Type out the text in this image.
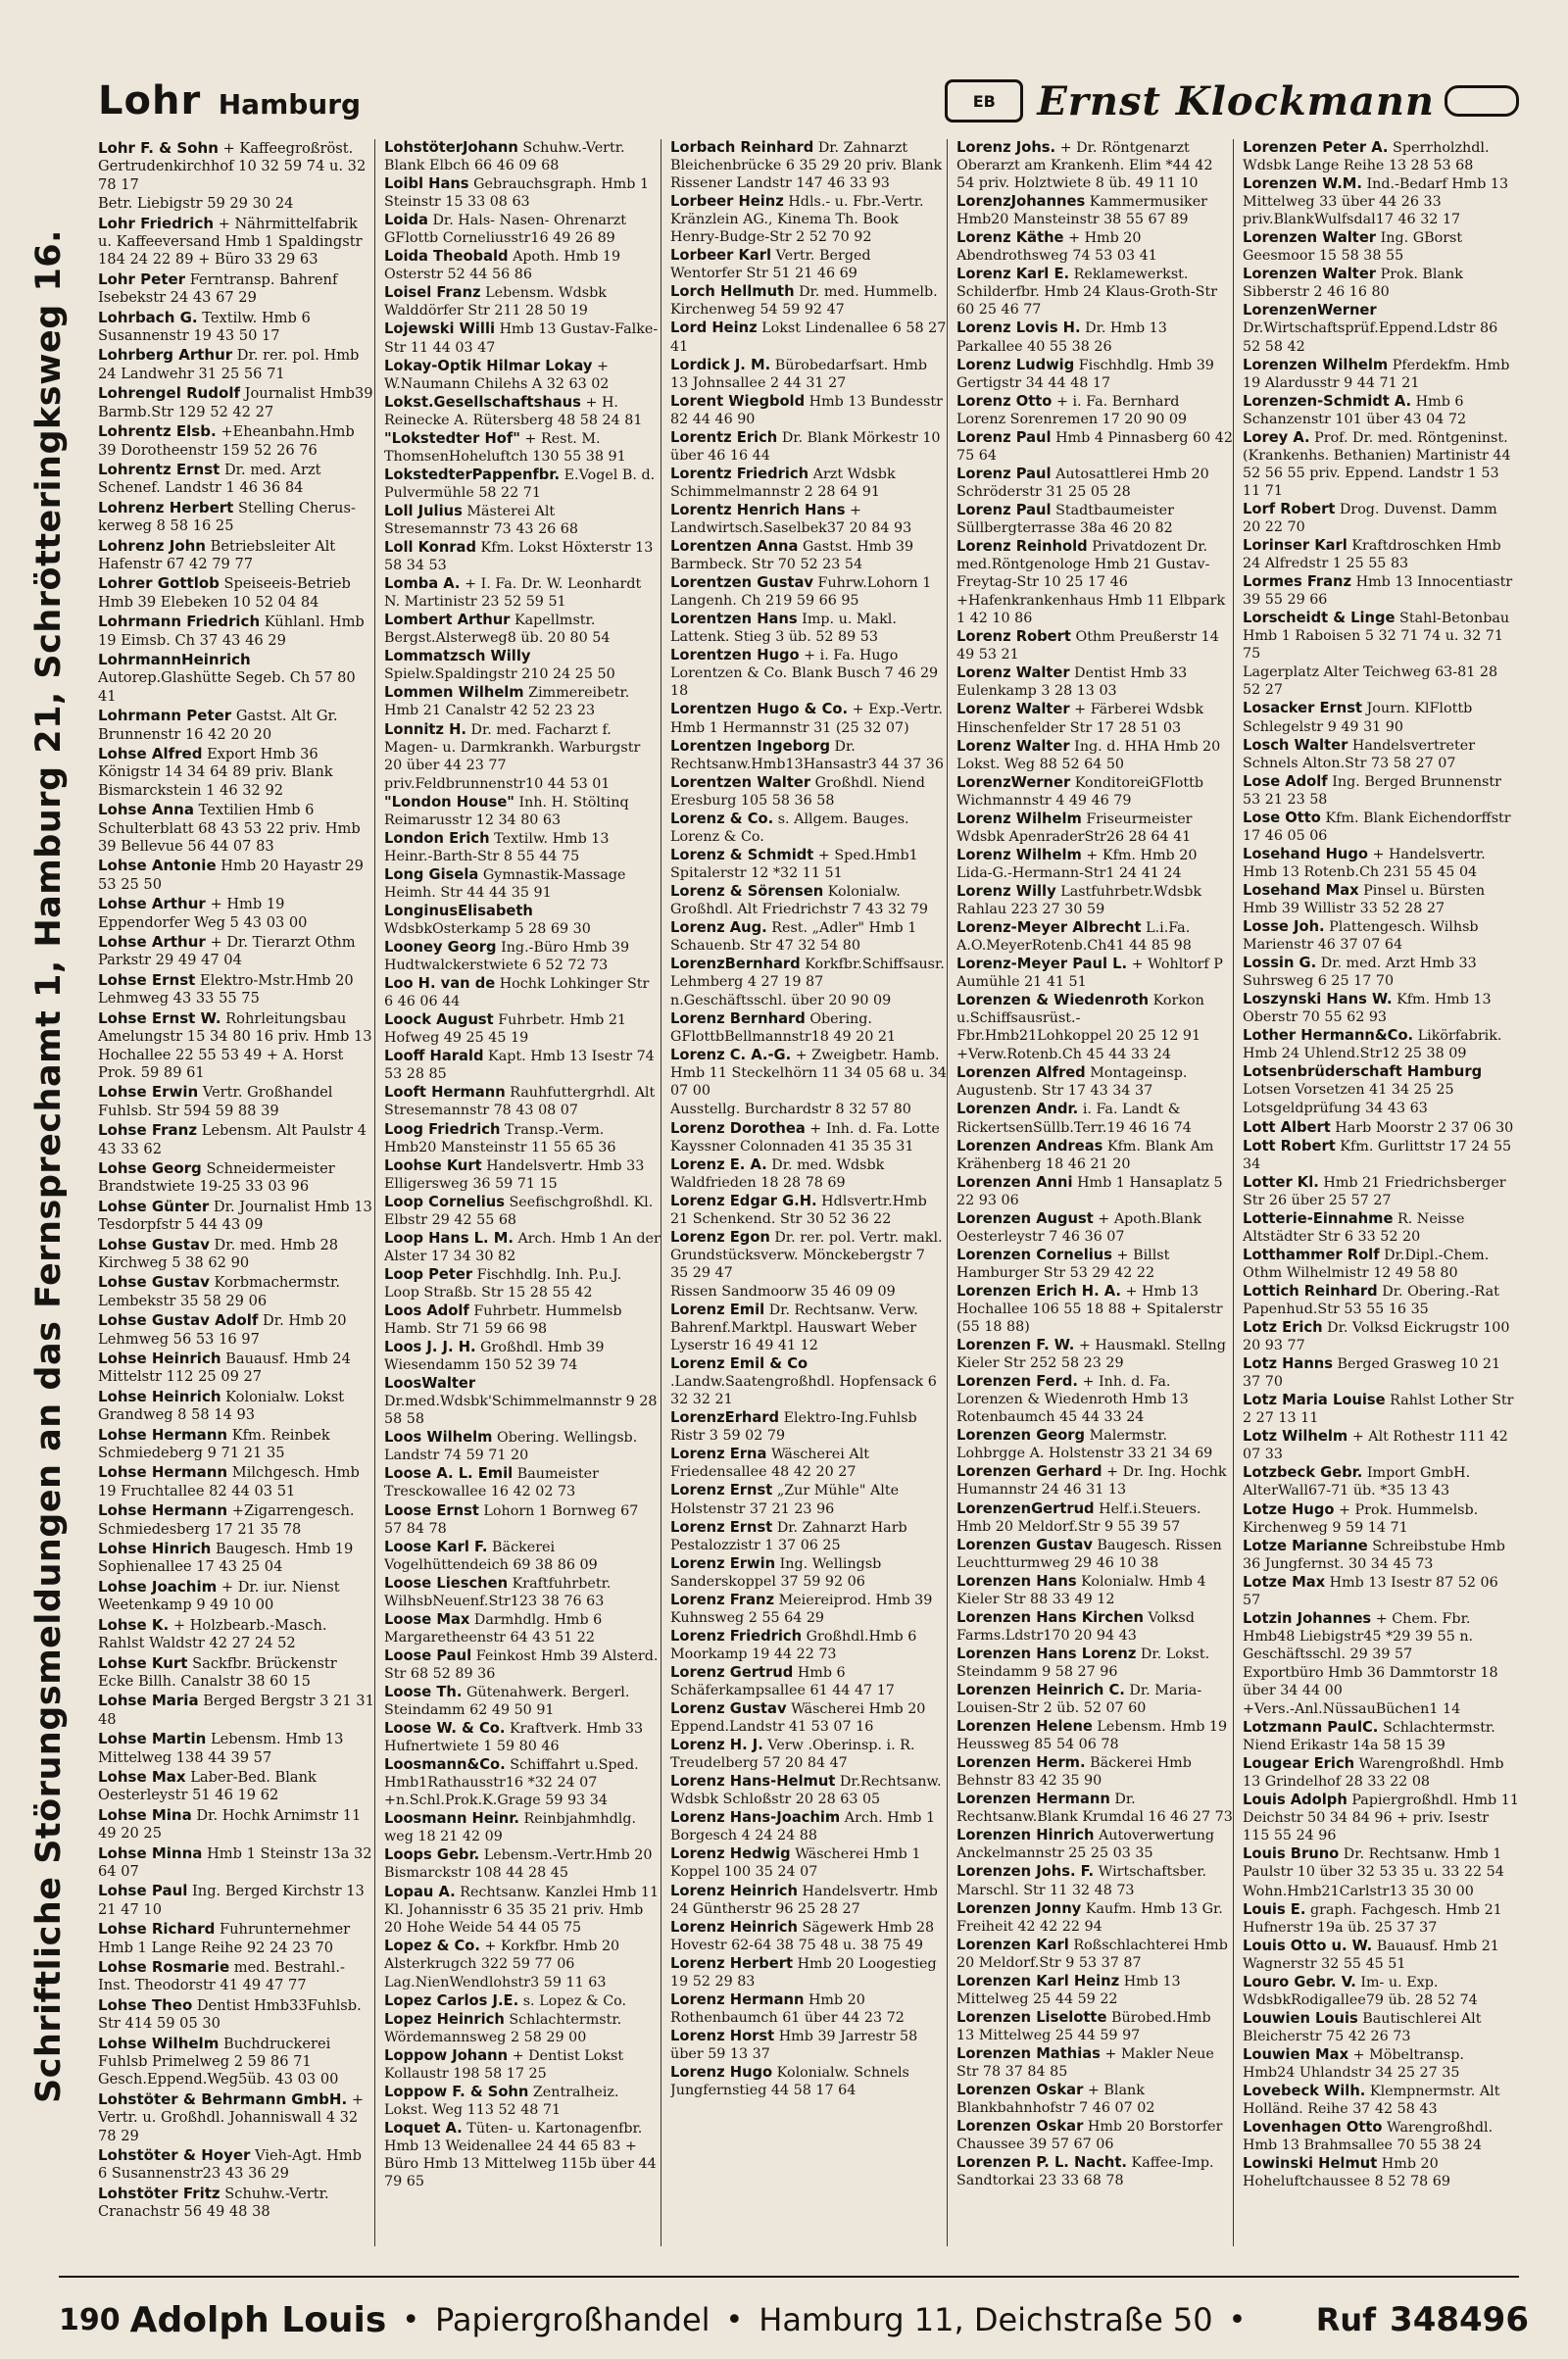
Lohr Hamburg	EB	Ernst Klockmann
Schriftliche Störungsmeldungen an das Fernsprechamt 1, Hamburg 21, Schrötteringksweg 16.
Lohr F. & Sohn + Kaffeegroßröst. Gertrudenkirchhof 10 32 59 74 u. 32 78 17
Betr. Liebigstr 59 29 30 24
Lohr Friedrich + Nährmittelfabrik u. Kaffeeversand Hmb 1 Spaldingstr 184 24 22 89 + Büro 33 29 63
Lohr Peter Ferntransp. Bahrenf Isebekstr 24 43 67 29
Lohrbach G. Textilw. Hmb 6 Susannenstr 19 43 50 17
Lohrberg Arthur Dr. rer. pol. Hmb 24 Landwehr 31 25 56 71
Lohrengel Rudolf Journalist Hmb39 Barmb.Str 129 52 42 27
Lohrentz Elsb. +Eheanbahn.Hmb 39 Dorotheenstr 159 52 26 76
Lohrentz Ernst Dr. med. Arzt Schenef. Landstr 1 46 36 84
Lohrenz Herbert Stelling Cherus-kerweg 8 58 16 25
Lohrenz John Betriebsleiter Alt Hafenstr 67 42 79 77
Lohrer Gottlob Speiseeis-Betrieb Hmb 39 Elebeken 10 52 04 84
Lohrmann Friedrich Kühlanl. Hmb 19 Eimsb. Ch 37 43 46 29
LohrmannHeinrich Autorep.Glashütte Segeb. Ch 57 80 41
Lohrmann Peter Gastst. Alt Gr. Brunnenstr 16 42 20 20
Lohse Alfred Export Hmb 36 Königstr 14 34 64 89 priv. Blank Bismarckstein 1 46 32 92
Lohse Anna Textilien Hmb 6 Schulterblatt 68 43 53 22 priv. Hmb 39 Bellevue 56 44 07 83
Lohse Antonie Hmb 20 Hayastr 29 53 25 50
Lohse Arthur + Hmb 19 Eppendorfer Weg 5 43 03 00
Lohse Arthur + Dr. Tierarzt Othm Parkstr 29 49 47 04
Lohse Ernst Elektro-Mstr.Hmb 20 Lehmweg 43 33 55 75
Lohse Ernst W. Rohrleitungsbau Amelungstr 15 34 80 16 priv. Hmb 13 Hochallee 22 55 53 49 + A. Horst Prok. 59 89 61
Lohse Erwin Vertr. Großhandel Fuhlsb. Str 594 59 88 39
Lohse Franz Lebensm. Alt Paulstr 4 43 33 62
Lohse Georg Schneidermeister Brandstwiete 19-25 33 03 96
Lohse Günter Dr. Journalist Hmb 13 Tesdorpfstr 5 44 43 09
Lohse Gustav Dr. med. Hmb 28 Kirchweg 5 38 62 90
Lohse Gustav Korbmachermstr. Lembekstr 35 58 29 06
Lohse Gustav Adolf Dr. Hmb 20 Lehmweg 56 53 16 97
Lohse Heinrich Bauausf. Hmb 24 Mittelstr 112 25 09 27
Lohse Heinrich Kolonialw. Lokst Grandweg 8 58 14 93
Lohse Hermann Kfm. Reinbek Schmiedeberg 9 71 21 35
Lohse Hermann Milchgesch. Hmb 19 Fruchtallee 82 44 03 51
Lohse Hermann +Zigarrengesch. Schmiedesberg 17 21 35 78
Lohse Hinrich Baugesch. Hmb 19 Sophienallee 17 43 25 04
Lohse Joachim + Dr. iur. Nienst Weetenkamp 9 49 10 00
Lohse K. + Holzbearb.-Masch. Rahlst Waldstr 42 27 24 52
Lohse Kurt Sackfbr. Brückenstr Ecke Billh. Canalstr 38 60 15
Lohse Maria Berged Bergstr 3 21 31 48
Lohse Martin Lebensm. Hmb 13 Mittelweg 138 44 39 57
Lohse Max Laber-Bed. Blank Oesterleystr 51 46 19 62
Lohse Mina Dr. Hochk Arnimstr 11 49 20 25
Lohse Minna Hmb 1 Steinstr 13a 32 64 07
Lohse Paul Ing. Berged Kirchstr 13 21 47 10
Lohse Richard Fuhrunternehmer Hmb 1 Lange Reihe 92 24 23 70
Lohse Rosmarie med. Bestrahl.-Inst. Theodorstr 41 49 47 77
Lohse Theo Dentist Hmb33Fuhlsb. Str 414 59 05 30
Lohse Wilhelm Buchdruckerei Fuhlsb Primelweg 2 59 86 71 Gesch.Eppend.Weg5üb. 43 03 00
Lohstöter & Behrmann GmbH. + Vertr. u. Großhdl. Johanniswall 4 32 78 29
Lohstöter & Hoyer Vieh-Agt. Hmb 6 Susannenstr23 43 36 29
Lohstöter Fritz Schuhw.-Vertr. Cranachstr 56 49 48 38
LohstöterJohann Schuhw.-Vertr. Blank Elbch 66 46 09 68
Loibl Hans Gebrauchsgraph. Hmb 1 Steinstr 15 33 08 63
Loida Dr. Hals- Nasen- Ohrenarzt GFlottb Corneliusstr16 49 26 89
Loida Theobald Apoth. Hmb 19 Osterstr 52 44 56 86
Loisel Franz Lebensm. Wdsbk Walddörfer Str 211 28 50 19
Lojewski Willi Hmb 13 Gustav-Falke-Str 11 44 03 47
Lokay-Optik Hilmar Lokay + W.Naumann Chilehs A 32 63 02
Lokst.Gesellschaftshaus + H. Reinecke A. Rütersberg 48 58 24 81
"Lokstedter Hof" + Rest. M. ThomsenHoheluftch 130 55 38 91
LokstedterPappenfbr. E.Vogel B. d. Pulvermühle 58 22 71
Loll Julius Mästerei Alt Stresemannstr 73 43 26 68
Loll Konrad Kfm. Lokst Höxterstr 13 58 34 53
Lomba A. + I. Fa. Dr. W. Leonhardt N. Martinistr 23 52 59 51
Lombert Arthur Kapellmstr. Bergst.Alsterweg8 üb. 20 80 54
Lommatzsch Willy Spielw.Spaldingstr 210 24 25 50
Lommen Wilhelm Zimmereibetr. Hmb 21 Canalstr 42 52 23 23
Lonnitz H. Dr. med. Facharzt f. Magen- u. Darmkrankh. Warburgstr 20 über 44 23 77
priv.Feldbrunnenstr10 44 53 01
"London House" Inh. H. Stöltinq Reimarusstr 12 34 80 63
London Erich Textilw. Hmb 13 Heinr.-Barth-Str 8 55 44 75
Long Gisela Gymnastik-Massage Heimh. Str 44 44 35 91
LonginusElisabeth WdsbkOsterkamp 5 28 69 30
Looney Georg Ing.-Büro Hmb 39 Hudtwalckerstwiete 6 52 72 73
Loo H. van de Hochk Lohkinger Str 6 46 06 44
Loock August Fuhrbetr. Hmb 21 Hofweg 49 25 45 19
Looff Harald Kapt. Hmb 13 Isestr 74 53 28 85
Looft Hermann Rauhfuttergrhdl. Alt Stresemannstr 78 43 08 07
Loog Friedrich Transp.-Verm. Hmb20 Mansteinstr 11 55 65 36
Loohse Kurt Handelsvertr. Hmb 33 Elligersweg 36 59 71 15
Loop Cornelius Seefischgroßhdl. Kl. Elbstr 29 42 55 68
Loop Hans L. M. Arch. Hmb 1 An der Alster 17 34 30 82
Loop Peter Fischhdlg. Inh. P.u.J. Loop Straßb. Str 15 28 55 42
Loos Adolf Fuhrbetr. Hummelsb Hamb. Str 71 59 66 98
Loos J. J. H. Großhdl. Hmb 39 Wiesendamm 150 52 39 74
LoosWalter Dr.med.Wdsbk'Schimmelmannstr 9 28 58 58
Loos Wilhelm Obering. Wellingsb. Landstr 74 59 71 20
Loose A. L. Emil Baumeister Tresckowallee 16 42 02 73
Loose Ernst Lohorn 1 Bornweg 67 57 84 78
Loose Karl F. Bäckerei Vogelhüttendeich 69 38 86 09
Loose Lieschen Kraftfuhrbetr. WilhsbNeuenf.Str123 38 76 63
Loose Max Darmhdlg. Hmb 6 Margaretheenstr 64 43 51 22
Loose Paul Feinkost Hmb 39 Alsterd. Str 68 52 89 36
Loose Th. Gütenahwerk. Bergerl. Steindamm 62 49 50 91
Loose W. & Co. Kraftverk. Hmb 33 Hufnertwiete 1 59 80 46
Loosmann&Co. Schiffahrt u.Sped. Hmb1Rathausstr16 *32 24 07 +n.Schl.Prok.K.Grage 59 93 34
Loosmann Heinr. Reinbjahmhdlg. weg 18 21 42 09
Loops Gebr. Lebensm.-Vertr.Hmb 20 Bismarckstr 108 44 28 45
Lopau A. Rechtsanw. Kanzlei Hmb 11 Kl. Johannisstr 6 35 35 21 priv. Hmb 20 Hohe Weide 54 44 05 75
Lopez & Co. + Korkfbr. Hmb 20 Alsterkrugch 322 59 77 06
Lag.NienWendlohstr3 59 11 63
Lopez Carlos J.E. s. Lopez & Co.
Lopez Heinrich Schlachtermstr. Wördemannsweg 2 58 29 00
Loppow Johann + Dentist Lokst Kollaustr 198 58 17 25
Loppow F. & Sohn Zentralheiz. Lokst. Weg 113 52 48 71
Loquet A. Tüten- u. Kartonagenfbr. Hmb 13 Weidenallee 24 44 65 83 + Büro Hmb 13 Mittelweg 115b über 44 79 65
Lorbach Reinhard Dr. Zahnarzt Bleichenbrücke 6 35 29 20 priv. Blank Rissener Landstr 147 46 33 93
Lorbeer Heinz Hdls.- u. Fbr.-Vertr. Kränzlein AG., Kinema Th. Book Henry-Budge-Str 2 52 70 92
Lorbeer Karl Vertr. Berged Wentorfer Str 51 21 46 69
Lorch Hellmuth Dr. med. Hummelb. Kirchenweg 54 59 92 47
Lord Heinz Lokst Lindenallee 6 58 27 41
Lordick J. M. Bürobedarfsart. Hmb 13 Johnsallee 2 44 31 27
Lorent Wiegbold Hmb 13 Bundesstr 82 44 46 90
Lorentz Erich Dr. Blank Mörkestr 10 über 46 16 44
Lorentz Friedrich Arzt Wdsbk Schimmelmannstr 2 28 64 91
Lorentz Henrich Hans + Landwirtsch.Saselbek37 20 84 93
Lorentzen Anna Gastst. Hmb 39 Barmbeck. Str 70 52 23 54
Lorentzen Gustav Fuhrw.Lohorn 1 Langenh. Ch 219 59 66 95
Lorentzen Hans Imp. u. Makl. Lattenk. Stieg 3 üb. 52 89 53
Lorentzen Hugo + i. Fa. Hugo Lorentzen & Co. Blank Busch 7 46 29 18
Lorentzen Hugo & Co. + Exp.-Vertr. Hmb 1 Hermannstr 31 (25 32 07)
Lorentzen Ingeborg Dr. Rechtsanw.Hmb13Hansastr3 44 37 36
Lorentzen Walter Großhdl. Niend Eresburg 105 58 36 58
Lorenz & Co. s. Allgem. Bauges. Lorenz & Co.
Lorenz & Schmidt + Sped.Hmb1 Spitalerstr 12 *32 11 51
Lorenz & Sörensen Kolonialw. Großhdl. Alt Friedrichstr 7 43 32 79
Lorenz Aug. Rest. „Adler" Hmb 1 Schauenb. Str 47 32 54 80
LorenzBernhard Korkfbr.Schiffsausr. Lehmberg 4 27 19 87
n.Geschäftsschl. über 20 90 09
Lorenz Bernhard Obering. GFlottbBellmannstr18 49 20 21
Lorenz C. A.-G. + Zweigbetr. Hamb. Hmb 11 Steckelhörn 11 34 05 68 u. 34 07 00
Ausstellg. Burchardstr 8 32 57 80
Lorenz Dorothea + Inh. d. Fa. Lotte Kayssner Colonnaden 41 35 35 31
Lorenz E. A. Dr. med. Wdsbk Waldfrieden 18 28 78 69
Lorenz Edgar G.H. Hdlsvertr.Hmb 21 Schenkend. Str 30 52 36 22
Lorenz Egon Dr. rer. pol. Vertr. makl. Grundstücksverw. Mönckebergstr 7 35 29 47
Rissen Sandmoorw 35 46 09 09
Lorenz Emil Dr. Rechtsanw. Verw. Bahrenf.Marktpl. Hauswart Weber Lyserstr 16 49 41 12
Lorenz Emil & Co .Landw.Saatengroßhdl. Hopfensack 6 32 32 21
LorenzErhard Elektro-Ing.Fuhlsb Ristr 3 59 02 79
Lorenz Erna Wäscherei Alt Friedensallee 48 42 20 27
Lorenz Ernst „Zur Mühle" Alte Holstenstr 37 21 23 96
Lorenz Ernst Dr. Zahnarzt Harb Pestalozzistr 1 37 06 25
Lorenz Erwin Ing. Wellingsb Sanderskoppel 37 59 92 06
Lorenz Franz Meiereiprod. Hmb 39 Kuhnsweg 2 55 64 29
Lorenz Friedrich Großhdl.Hmb 6 Moorkamp 19 44 22 73
Lorenz Gertrud Hmb 6 Schäferkampsallee 61 44 47 17
Lorenz Gustav Wäscherei Hmb 20 Eppend.Landstr 41 53 07 16
Lorenz H. J. Verw .Oberinsp. i. R. Treudelberg 57 20 84 47
Lorenz Hans-Helmut Dr.Rechtsanw. Wdsbk Schloßstr 20 28 63 05
Lorenz Hans-Joachim Arch. Hmb 1 Borgesch 4 24 24 88
Lorenz Hedwig Wäscherei Hmb 1 Koppel 100 35 24 07
Lorenz Heinrich Handelsvertr. Hmb 24 Güntherstr 96 25 28 27
Lorenz Heinrich Sägewerk Hmb 28 Hovestr 62-64 38 75 48 u. 38 75 49
Lorenz Herbert Hmb 20 Loogestieg 19 52 29 83
Lorenz Hermann Hmb 20 Rothenbaumch 61 über 44 23 72
Lorenz Horst Hmb 39 Jarrestr 58 über 59 13 37
Lorenz Hugo Kolonialw. Schnels Jungfernstieg 44 58 17 64
Lorenz Johs. + Dr. Röntgenarzt Oberarzt am Krankenh. Elim *44 42 54 priv. Holztwiete 8 üb. 49 11 10
LorenzJohannes Kammermusiker Hmb20 Mansteinstr 38 55 67 89
Lorenz Käthe + Hmb 20 Abendrothsweg 74 53 03 41
Lorenz Karl E. Reklamewerkst. Schilderfbr. Hmb 24 Klaus-Groth-Str 60 25 46 77
Lorenz Lovis H. Dr. Hmb 13 Parkallee 40 55 38 26
Lorenz Ludwig Fischhdlg. Hmb 39 Gertigstr 34 44 48 17
Lorenz Otto + i. Fa. Bernhard Lorenz Sorenremen 17 20 90 09
Lorenz Paul Hmb 4 Pinnasberg 60 42 75 64
Lorenz Paul Autosattlerei Hmb 20 Schröderstr 31 25 05 28
Lorenz Paul Stadtbaumeister Süllbergterrasse 38a 46 20 82
Lorenz Reinhold Privatdozent Dr. med.Röntgenologe Hmb 21 Gustav-Freytag-Str 10 25 17 46
+Hafenkrankenhaus Hmb 11 Elbpark 1 42 10 86
Lorenz Robert Othm Preußerstr 14 49 53 21
Lorenz Walter Dentist Hmb 33 Eulenkamp 3 28 13 03
Lorenz Walter + Färberei Wdsbk Hinschenfelder Str 17 28 51 03
Lorenz Walter Ing. d. HHA Hmb 20 Lokst. Weg 88 52 64 50
LorenzWerner KonditoreiGFlottb Wichmannstr 4 49 46 79
Lorenz Wilhelm Friseurmeister Wdsbk ApenraderStr26 28 64 41
Lorenz Wilhelm + Kfm. Hmb 20 Lida-G.-Hermann-Str1 24 41 24
Lorenz Willy Lastfuhrbetr.Wdsbk Rahlau 223 27 30 59
Lorenz-Meyer Albrecht L.i.Fa. A.O.MeyerRotenb.Ch41 44 85 98
Lorenz-Meyer Paul L. + Wohltorf P Aumühle 21 41 51
Lorenzen & Wiedenroth Korkon u.Schiffsausrüst.-Fbr.Hmb21Lohkoppel 20 25 12 91
+Verw.Rotenb.Ch 45 44 33 24
Lorenzen Alfred Montageinsp. Augustenb. Str 17 43 34 37
Lorenzen Andr. i. Fa. Landt & RickertsenSüllb.Terr.19 46 16 74
Lorenzen Andreas Kfm. Blank Am Krähenberg 18 46 21 20
Lorenzen Anni Hmb 1 Hansaplatz 5 22 93 06
Lorenzen August + Apoth.Blank Oesterleystr 7 46 36 07
Lorenzen Cornelius + Billst Hamburger Str 53 29 42 22
Lorenzen Erich H. A. + Hmb 13 Hochallee 106 55 18 88 + Spitalerstr (55 18 88)
Lorenzen F. W. + Hausmakl. Stellng Kieler Str 252 58 23 29
Lorenzen Ferd. + Inh. d. Fa. Lorenzen & Wiedenroth Hmb 13 Rotenbaumch 45 44 33 24
Lorenzen Georg Malermstr. Lohbrgge A. Holstenstr 33 21 34 69
Lorenzen Gerhard + Dr. Ing. Hochk Humannstr 24 46 31 13
LorenzenGertrud Helf.i.Steuers. Hmb 20 Meldorf.Str 9 55 39 57
Lorenzen Gustav Baugesch. Rissen Leuchtturmweg 29 46 10 38
Lorenzen Hans Kolonialw. Hmb 4 Kieler Str 88 33 49 12
Lorenzen Hans Kirchen Volksd Farms.Ldstr170 20 94 43
Lorenzen Hans Lorenz Dr. Lokst. Steindamm 9 58 27 96
Lorenzen Heinrich C. Dr. Maria-Louisen-Str 2 üb. 52 07 60
Lorenzen Helene Lebensm. Hmb 19 Heussweg 85 54 06 78
Lorenzen Herm. Bäckerei Hmb Behnstr 83 42 35 90
Lorenzen Hermann Dr. Rechtsanw.Blank Krumdal 16 46 27 73
Lorenzen Hinrich Autoverwertung Anckelmannstr 25 25 03 35
Lorenzen Johs. F. Wirtschaftsber. Marschl. Str 11 32 48 73
Lorenzen Jonny Kaufm. Hmb 13 Gr. Freiheit 42 42 22 94
Lorenzen Karl Roßschlachterei Hmb 20 Meldorf.Str 9 53 37 87
Lorenzen Karl Heinz Hmb 13 Mittelweg 25 44 59 22
Lorenzen Liselotte Bürobed.Hmb 13 Mittelweg 25 44 59 97
Lorenzen Mathias + Makler Neue Str 78 37 84 85
Lorenzen Oskar + Blank Blankbahnhofstr 7 46 07 02
Lorenzen Oskar Hmb 20 Borstorfer Chaussee 39 57 67 06
Lorenzen P. L. Nacht. Kaffee-Imp. Sandtorkai 23 33 68 78
Lorenzen Peter A. Sperrholzhdl. Wdsbk Lange Reihe 13 28 53 68
Lorenzen W.M. Ind.-Bedarf Hmb 13 Mittelweg 33 über 44 26 33 priv.BlankWulfsdal17 46 32 17
Lorenzen Walter Ing. GBorst Geesmoor 15 58 38 55
Lorenzen Walter Prok. Blank Sibberstr 2 46 16 80
LorenzenWerner Dr.Wirtschaftsprüf.Eppend.Ldstr 86 52 58 42
Lorenzen Wilhelm Pferdekfm. Hmb 19 Alardusstr 9 44 71 21
Lorenzen-Schmidt A. Hmb 6 Schanzenstr 101 über 43 04 72
Lorey A. Prof. Dr. med. Röntgeninst. (Krankenhs. Bethanien) Martinistr 44 52 56 55 priv. Eppend. Landstr 1 53 11 71
Lorf Robert Drog. Duvenst. Damm 20 22 70
Lorinser Karl Kraftdroschken Hmb 24 Alfredstr 1 25 55 83
Lormes Franz Hmb 13 Innocentiastr 39 55 29 66
Lorscheidt & Linge Stahl-Betonbau Hmb 1 Raboisen 5 32 71 74 u. 32 71 75
Lagerplatz Alter Teichweg 63-81 28 52 27
Losacker Ernst Journ. KlFlottb Schlegelstr 9 49 31 90
Losch Walter Handelsvertreter Schnels Alton.Str 73 58 27 07
Lose Adolf Ing. Berged Brunnenstr 53 21 23 58
Lose Otto Kfm. Blank Eichendorffstr 17 46 05 06
Losehand Hugo + Handelsvertr. Hmb 13 Rotenb.Ch 231 55 45 04
Losehand Max Pinsel u. Bürsten Hmb 39 Willistr 33 52 28 27
Losse Joh. Plattengesch. Wilhsb Marienstr 46 37 07 64
Lossin G. Dr. med. Arzt Hmb 33 Suhrsweg 6 25 17 70
Loszynski Hans W. Kfm. Hmb 13 Oberstr 70 55 62 93
Lother Hermann&Co. Likörfabrik. Hmb 24 Uhlend.Str12 25 38 09
Lotsenbrüderschaft Hamburg Lotsen Vorsetzen 41 34 25 25
Lotsgeldprüfung 34 43 63
Lott Albert Harb Moorstr 2 37 06 30
Lott Robert Kfm. Gurlittstr 17 24 55 34
Lotter Kl. Hmb 21 Friedrichsberger Str 26 über 25 57 27
Lotterie-Einnahme R. Neisse Altstädter Str 6 33 52 20
Lotthammer Rolf Dr.Dipl.-Chem. Othm Wilhelmistr 12 49 58 80
Lottich Reinhard Dr. Obering.-Rat Papenhud.Str 53 55 16 35
Lotz Erich Dr. Volksd Eickrugstr 100 20 93 77
Lotz Hanns Berged Grasweg 10 21 37 70
Lotz Maria Louise Rahlst Lother Str 2 27 13 11
Lotz Wilhelm + Alt Rothestr 111 42 07 33
Lotzbeck Gebr. Import GmbH. AlterWall67-71 üb. *35 13 43
Lotze Hugo + Prok. Hummelsb. Kirchenweg 9 59 14 71
Lotze Marianne Schreibstube Hmb 36 Jungfernst. 30 34 45 73
Lotze Max Hmb 13 Isestr 87 52 06 57
Lotzin Johannes + Chem. Fbr. Hmb48 Liebigstr45 *29 39 55 n. Geschäftsschl. 29 39 57
Exportbüro Hmb 36 Dammtorstr 18 über 34 44 00
+Vers.-Anl.NüssauBüchen1 14
Lotzmann PaulC. Schlachtermstr. Niend Erikastr 14a 58 15 39
Lougear Erich Warengroßhdl. Hmb 13 Grindelhof 28 33 22 08
Louis Adolph Papiergroßhdl. Hmb 11 Deichstr 50 34 84 96 + priv. Isestr 115 55 24 96
Louis Bruno Dr. Rechtsanw. Hmb 1 Paulstr 10 über 32 53 35 u. 33 22 54
Wohn.Hmb21Carlstr13 35 30 00
Louis E. graph. Fachgesch. Hmb 21 Hufnerstr 19a üb. 25 37 37
Louis Otto u. W. Bauausf. Hmb 21 Wagnerstr 32 55 45 51
Louro Gebr. V. Im- u. Exp. WdsbkRodigallee79 üb. 28 52 74
Louwien Louis Bautischlerei Alt Bleicherstr 75 42 26 73
Louwien Max + Möbeltransp. Hmb24 Uhlandstr 34 25 27 35
Lovebeck Wilh. Klempnermstr. Alt Holländ. Reihe 37 42 58 43
Lovenhagen Otto Warengroßhdl. Hmb 13 Brahmsallee 70 55 38 24
Lowinski Helmut Hmb 20 Hoheluftchaussee 8 52 78 69
190 Adolph Louis • Papiergroßhandel • Hamburg 11, Deichstraße 50 • Ruf 348496
